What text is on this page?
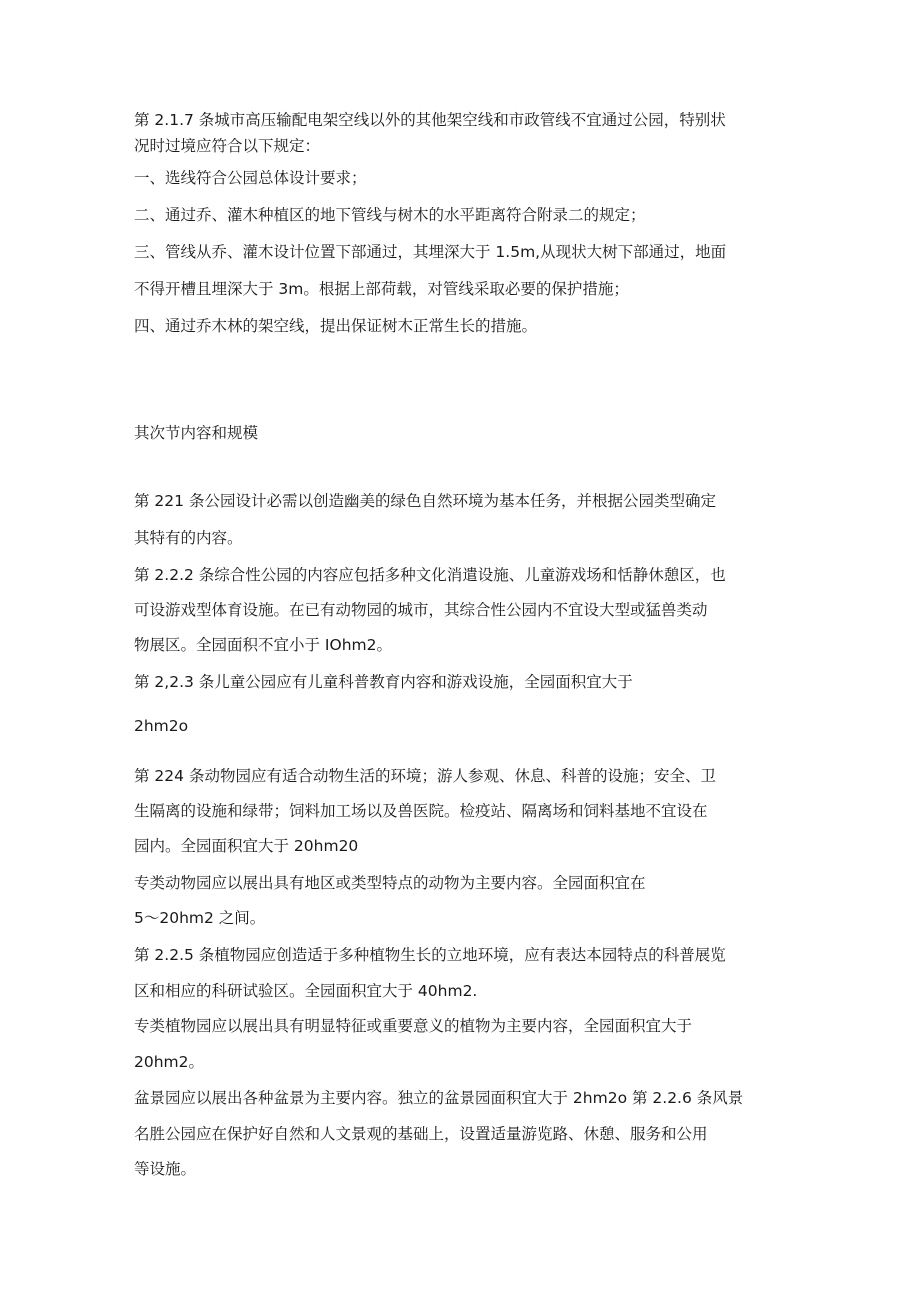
第 2.1.7 条城市高压输配电架空线以外的其他架空线和市政管线不宜通过公园，特别状

况时过境应符合以下规定：

一、选线符合公园总体设计要求；

二、通过乔、灌木种植区的地下管线与树木的水平距离符合附录二的规定；

三、管线从乔、灌木设计位置下部通过，其埋深大于 1.5m,从现状大树下部通过，地面

不得开槽且埋深大于 3m。根据上部荷载，对管线采取必要的保护措施；

四、通过乔木林的架空线，提出保证树木正常生长的措施。

其次节内容和规模

第 221 条公园设计必需以创造幽美的绿色自然环境为基本任务，并根据公园类型确定

其特有的内容。

第 2.2.2 条综合性公园的内容应包括多种文化消遣设施、儿童游戏场和恬静休憩区，也

可设游戏型体育设施。在已有动物园的城市，其综合性公园内不宜设大型或猛兽类动

物展区。全园面积不宜小于 IOhm2。

第 2,2.3 条儿童公园应有儿童科普教育内容和游戏设施，全园面积宜大于

2hm2o

第 224 条动物园应有适合动物生活的环境；游人参观、休息、科普的设施；安全、卫

生隔离的设施和绿带；饲料加工场以及兽医院。检疫站、隔离场和饲料基地不宜设在

园内。全园面积宜大于 20hm20

专类动物园应以展出具有地区或类型特点的动物为主要内容。全园面积宜在

5～20hm2 之间。

第 2.2.5 条植物园应创造适于多种植物生长的立地环境，应有表达本园特点的科普展览

区和相应的科研试验区。全园面积宜大于 40hm2.

专类植物园应以展出具有明显特征或重要意义的植物为主要内容，全园面积宜大于

20hm2。

盆景园应以展出各种盆景为主要内容。独立的盆景园面积宜大于 2hm2o 第 2.2.6 条风景

名胜公园应在保护好自然和人文景观的基础上，设置适量游览路、休憩、服务和公用

等设施。
